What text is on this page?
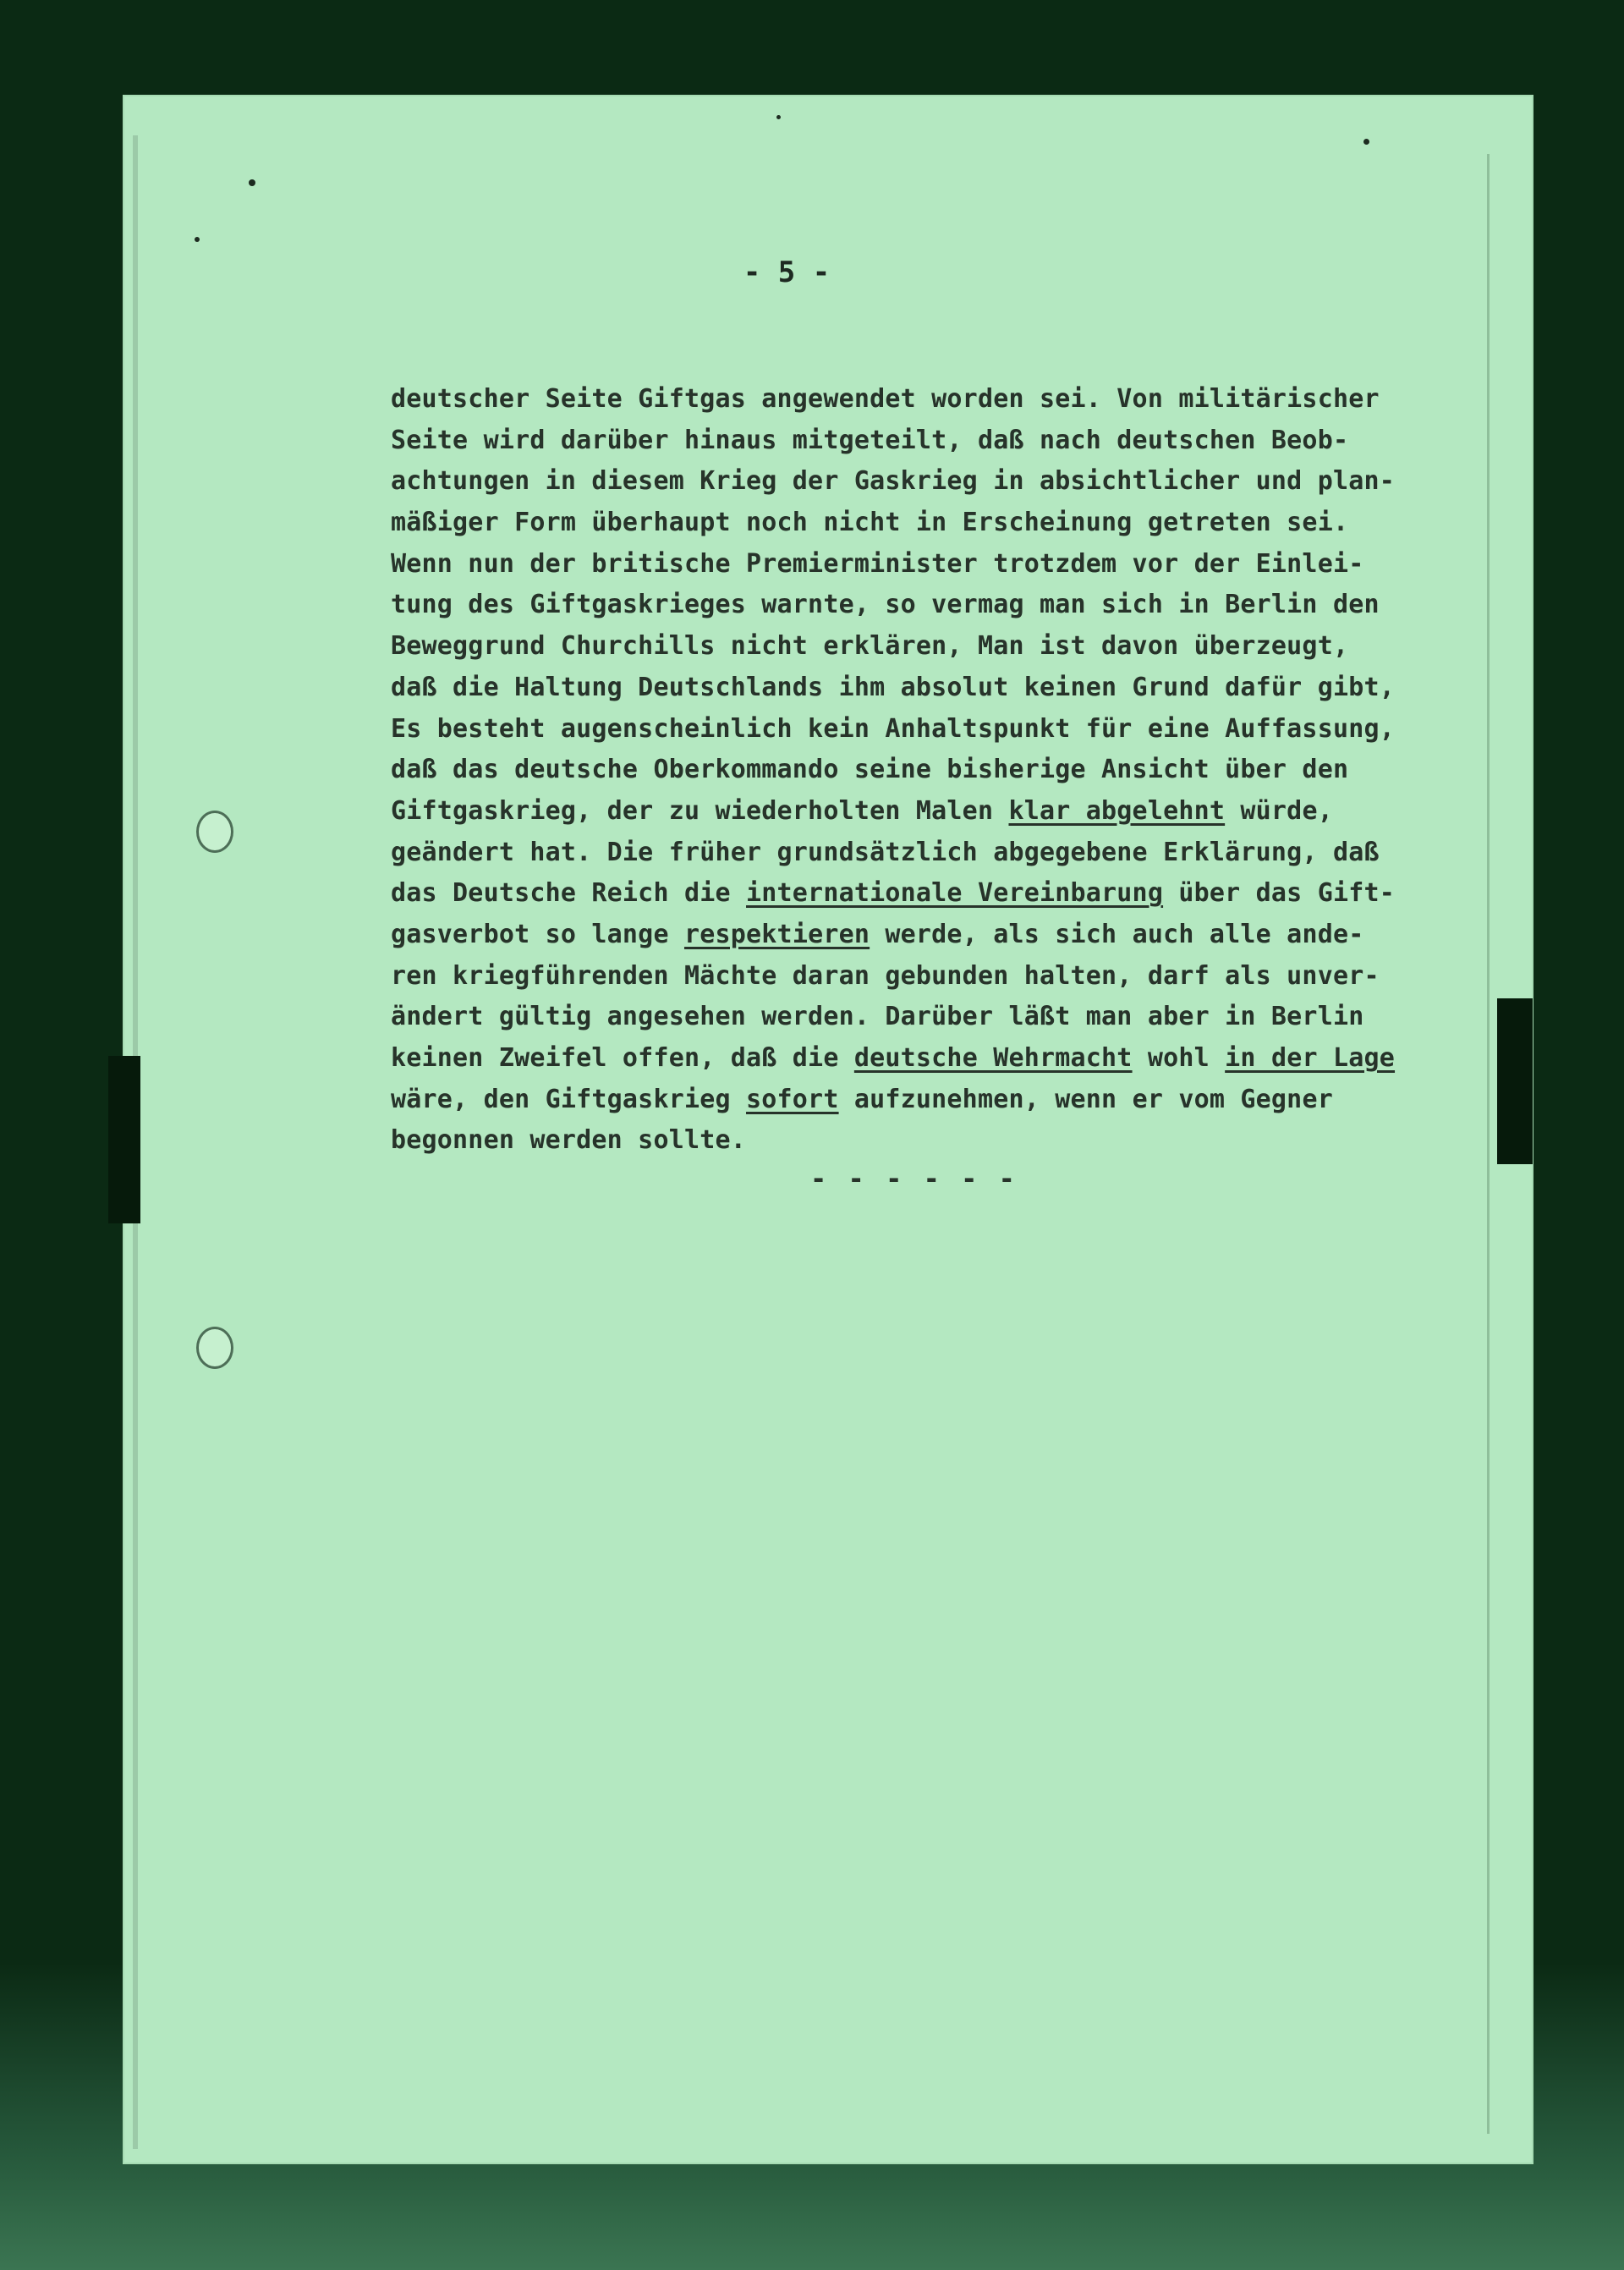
- 5 -
deutscher Seite Giftgas angewendet worden sei. Von militärischer
Seite wird darüber hinaus mitgeteilt, daß nach deutschen Beob-
achtungen in diesem Krieg der Gaskrieg in absichtlicher und plan-
mäßiger Form überhaupt noch nicht in Erscheinung getreten sei.
Wenn nun der britische Premierminister trotzdem vor der Einlei-
tung des Giftgaskrieges warnte, so vermag man sich in Berlin den
Beweggrund Churchills nicht erklären, Man ist davon überzeugt,
daß die Haltung Deutschlands ihm absolut keinen Grund dafür gibt,
Es besteht augenscheinlich kein Anhaltspunkt für eine Auffassung,
daß das deutsche Oberkommando seine bisherige Ansicht über den
Giftgaskrieg, der zu wiederholten Malen klar abgelehnt würde,
geändert hat. Die früher grundsätzlich abgegebene Erklärung, daß
das Deutsche Reich die internationale Vereinbarung über das Gift-
gasverbot so lange respektieren werde, als sich auch alle ande-
ren kriegführenden Mächte daran gebunden halten, darf als unver-
ändert gültig angesehen werden. Darüber läßt man aber in Berlin
keinen Zweifel offen, daß die deutsche Wehrmacht wohl in der Lage
wäre, den Giftgaskrieg sofort aufzunehmen, wenn er vom Gegner
begonnen werden sollte.
- - - - - -
